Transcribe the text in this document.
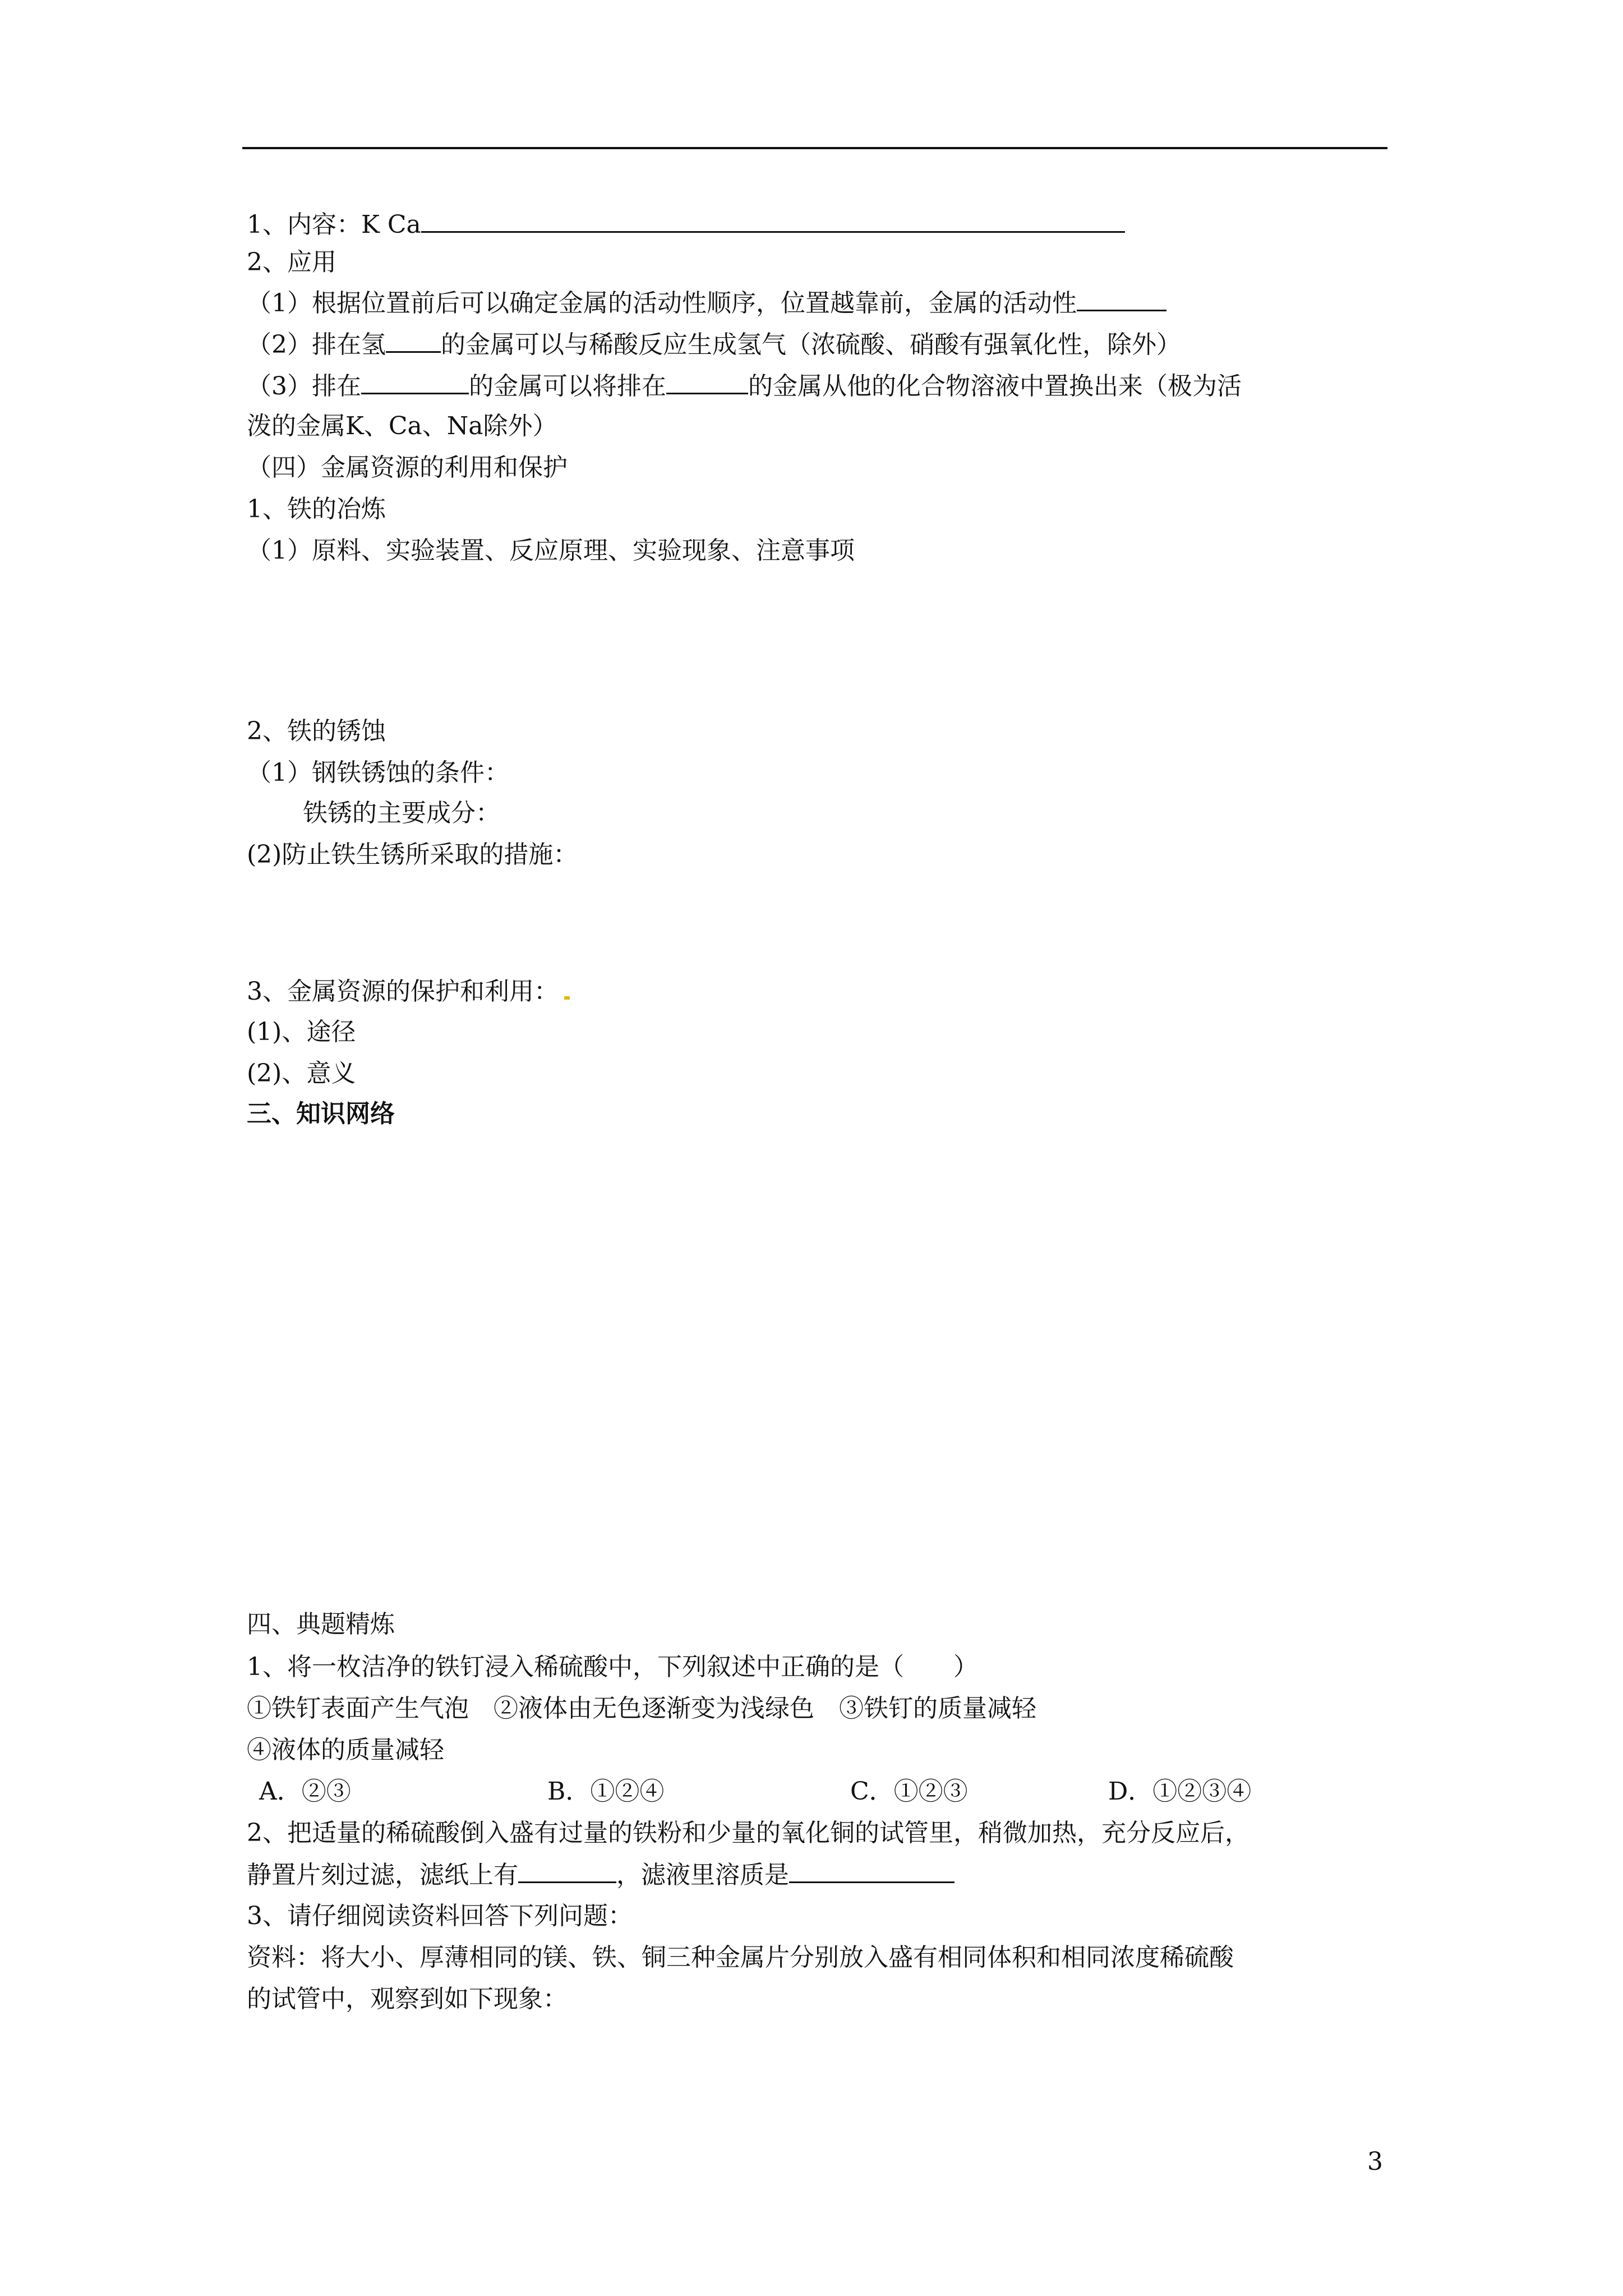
1、内容：K Ca
2、应用
（1）根据位置前后可以确定金属的活动性顺序，位置越靠前，金属的活动性
（2）排在氢 的金属可以与稀酸反应生成氢气（浓硫酸、硝酸有强氧化性，除外）
（3）排在	的金属可以将排在	的金属从他的化合物溶液中置换出来（极为活
泼的金属K、Ca、Na除外）
（四）金属资源的利用和保护
1、铁的冶炼
（1）原料、实验装置、反应原理、实验现象、注意事项
2、铁的锈蚀
（1）钢铁锈蚀的条件：
铁锈的主要成分：
(2)防止铁生锈所采取的措施：
3、金属资源的保护和利用：
(1)、途径
(2)、意义
三、知识网络
四、典题精炼
1、将一枚洁净的铁钉浸入稀硫酸中，下列叙述中正确的是（　　）
①铁钉表面产生气泡　②液体由无色逐渐变为浅绿色　③铁钉的质量减轻
④液体的质量减轻
A．②③	B．①②④	C．①②③	D．①②③④
2、把适量的稀硫酸倒入盛有过量的铁粉和少量的氧化铜的试管里，稍微加热，充分反应后，
静置片刻过滤，滤纸上有	，滤液里溶质是
3、请仔细阅读资料回答下列问题：
资料：将大小、厚薄相同的镁、铁、铜三种金属片分别放入盛有相同体积和相同浓度稀硫酸
的试管中，观察到如下现象：
3
